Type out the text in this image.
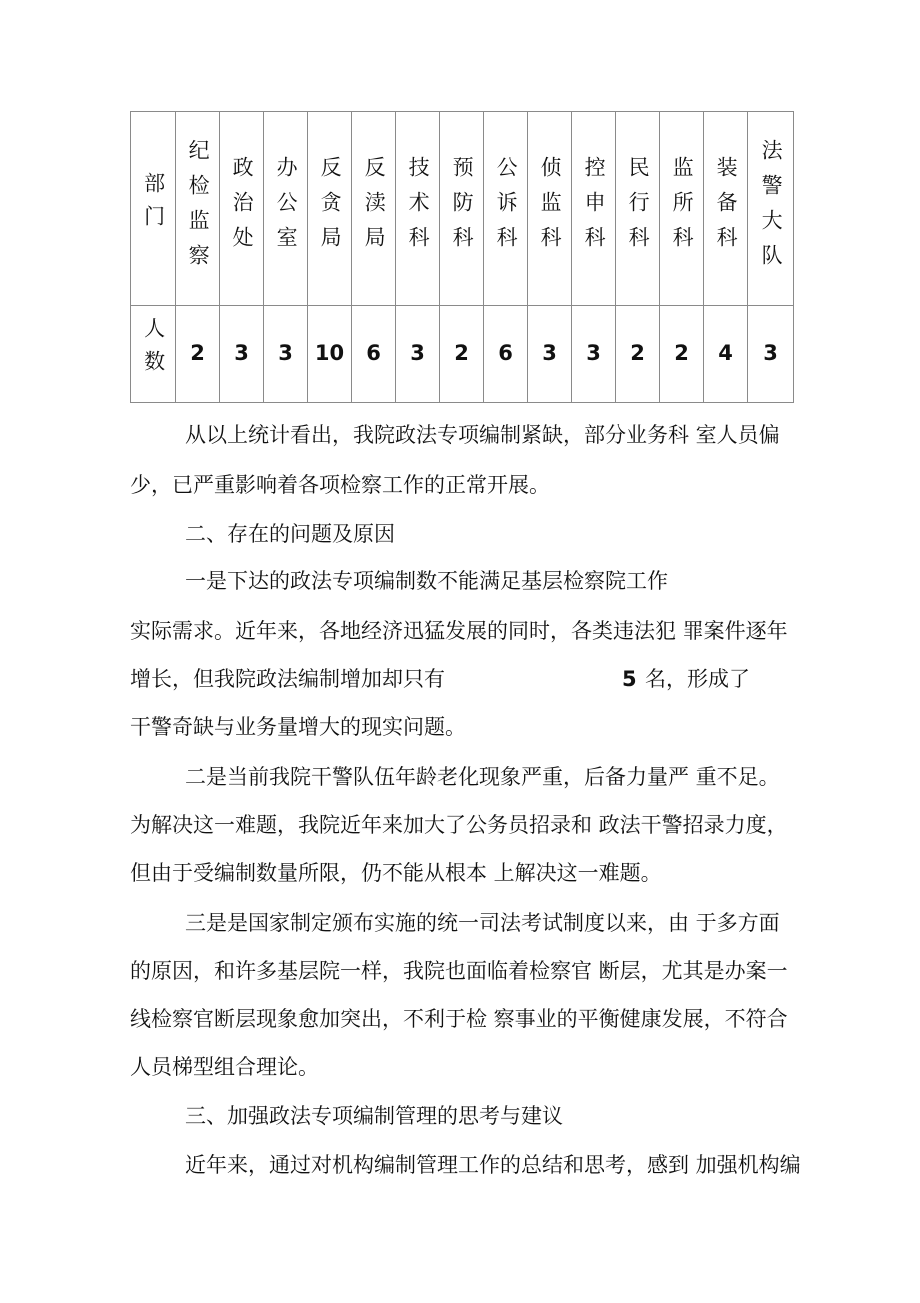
部门	纪检监察	政治处	办公室	反贪局	反渎局	技术科	预防科	公诉科	侦监科	控申科	民行科	监所科	装备科	法警大队
人数	2	3	3	10	6	3	2	6	3	3	2	2	4	3

从以上统计看出，我院政法专项编制紧缺，部分业务科 室人员偏

少，已严重影响着各项检察工作的正常开展。

二、存在的问题及原因

一是下达的政法专项编制数不能满足基层检察院工作

实际需求。近年来，各地经济迅猛发展的同时，各类违法犯 罪案件逐年

增长，但我院政法编制增加却只有	5 名，形成了

干警奇缺与业务量增大的现实问题。

二是当前我院干警队伍年龄老化现象严重，后备力量严 重不足。

为解决这一难题，我院近年来加大了公务员招录和 政法干警招录力度，

但由于受编制数量所限，仍不能从根本 上解决这一难题。

三是是国家制定颁布实施的统一司法考试制度以来，由 于多方面

的原因，和许多基层院一样，我院也面临着检察官 断层，尤其是办案一

线检察官断层现象愈加突出，不利于检 察事业的平衡健康发展，不符合

人员梯型组合理论。

三、加强政法专项编制管理的思考与建议

近年来，通过对机构编制管理工作的总结和思考，感到 加强机构编
